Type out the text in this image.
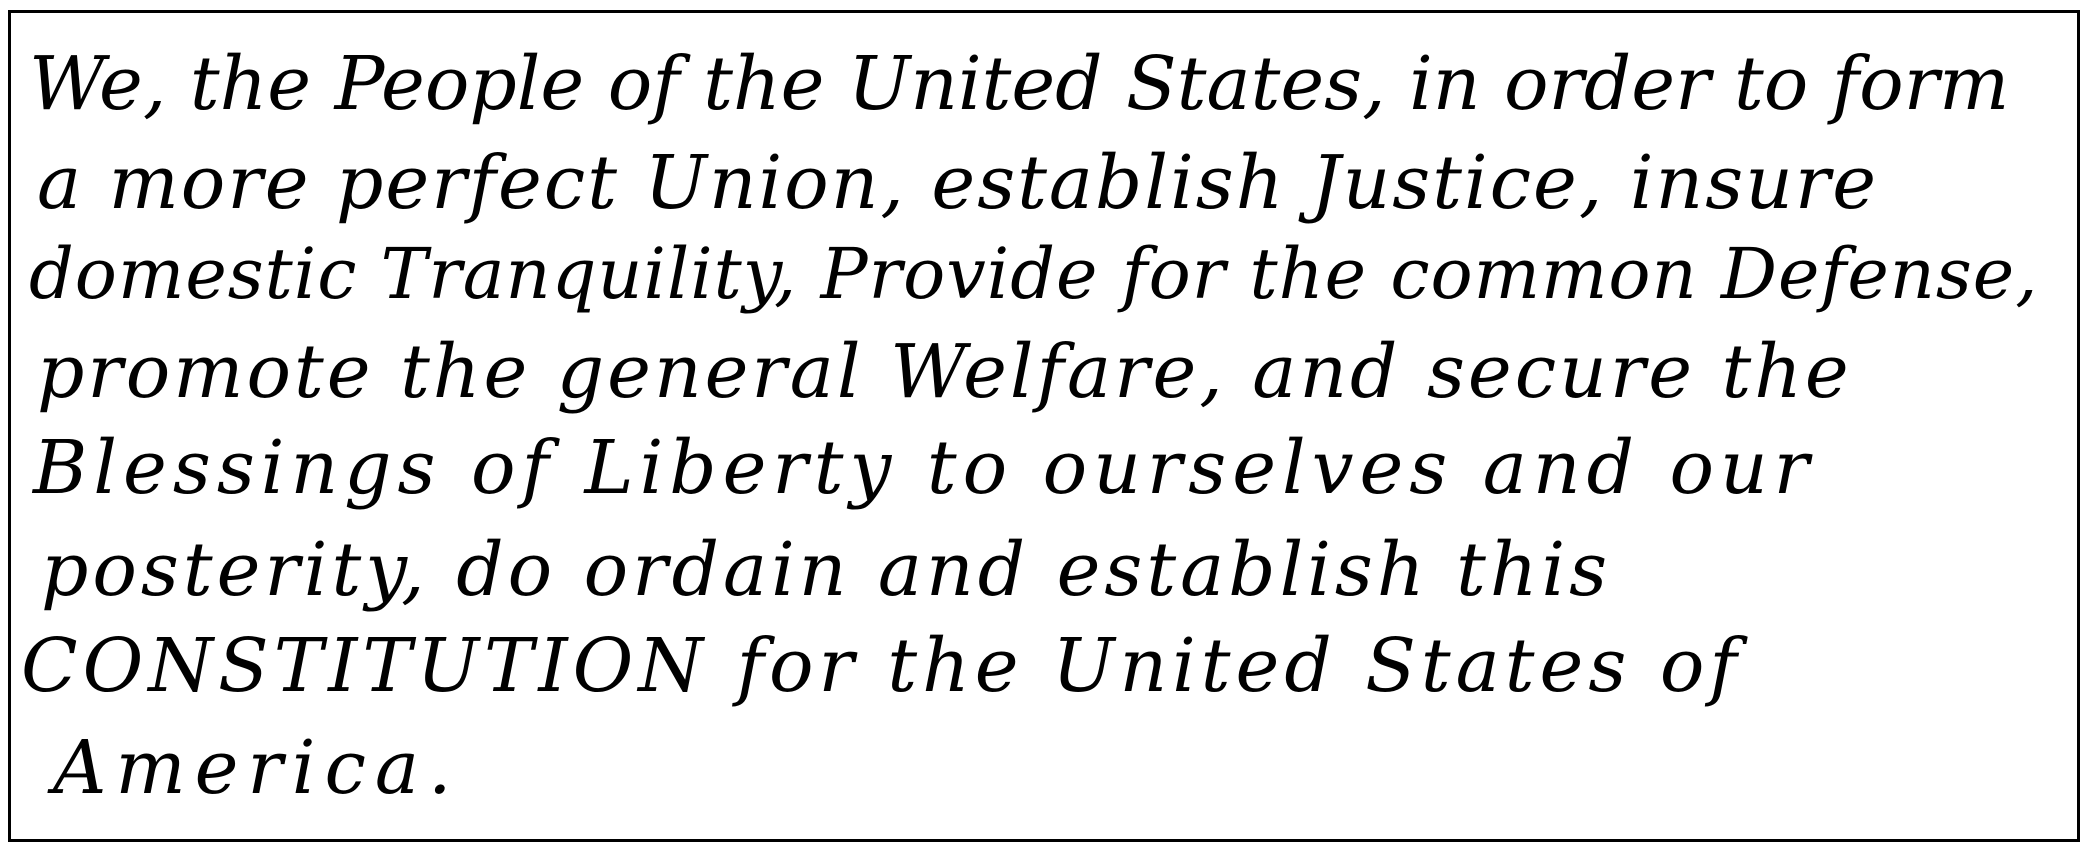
We, the People of the United States, in order to form
a more perfect Union, establish Justice, insure
domestic Tranquility, Provide for the common Defense,
promote the general Welfare, and secure the
Blessings of Liberty to ourselves and our
posterity, do ordain and establish this
CONSTITUTION for the United States of
America.
